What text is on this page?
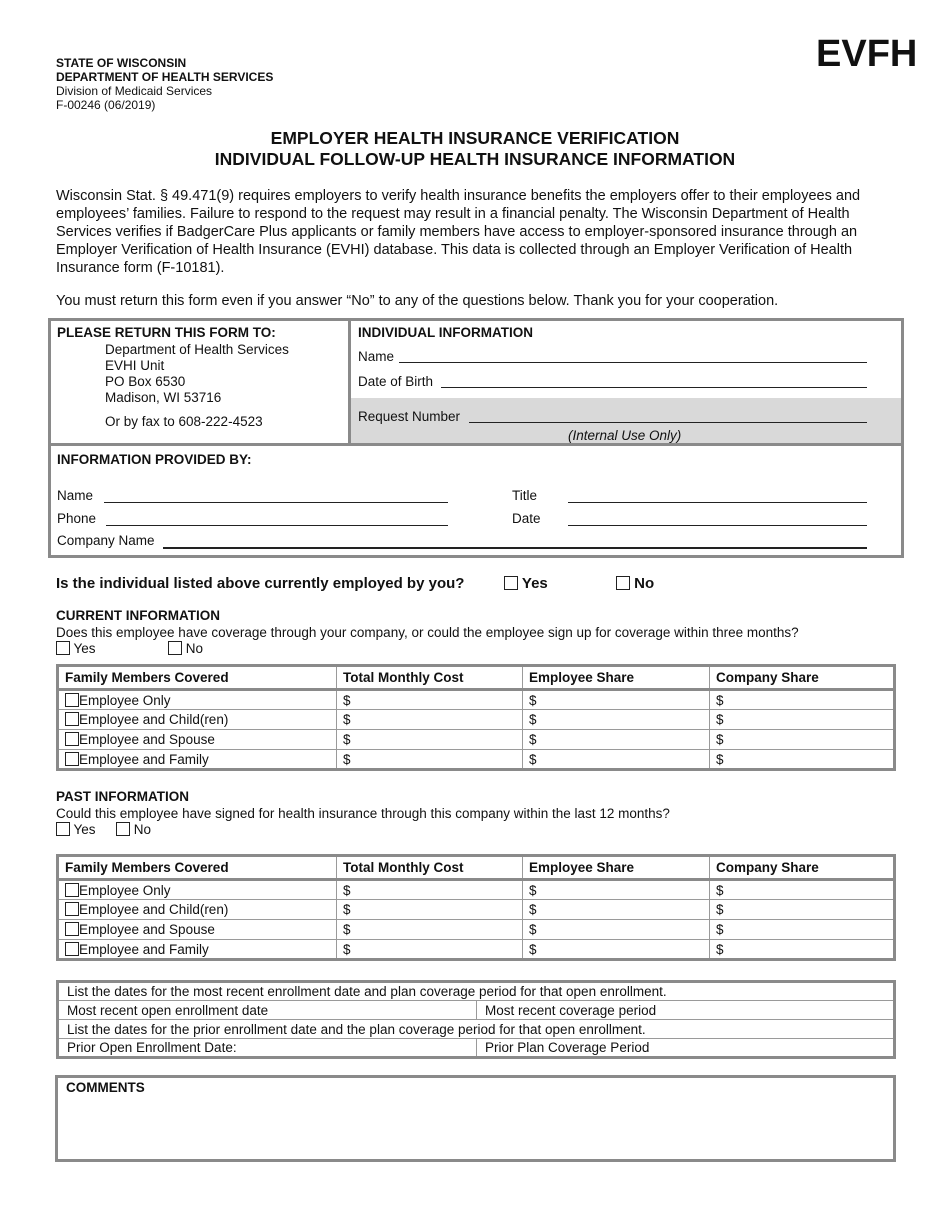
STATE OF WISCONSIN
DEPARTMENT OF HEALTH SERVICES
Division of Medicaid Services
F-00246 (06/2019)
EVFH
EMPLOYER HEALTH INSURANCE VERIFICATION
INDIVIDUAL FOLLOW-UP HEALTH INSURANCE INFORMATION
Wisconsin Stat. § 49.471(9) requires employers to verify health insurance benefits the employers offer to their employees and employees’ families. Failure to respond to the request may result in a financial penalty. The Wisconsin Department of Health Services verifies if BadgerCare Plus applicants or family members have access to employer-sponsored insurance through an Employer Verification of Health Insurance (EVHI) database. This data is collected through an Employer Verification of Health Insurance form (F-10181).
You must return this form even if you answer “No” to any of the questions below. Thank you for your cooperation.
PLEASE RETURN THIS FORM TO:
Department of Health Services
EVHI Unit
PO Box 6530
Madison, WI 53716
Or by fax to 608-222-4523
INDIVIDUAL INFORMATION
Name
Date of Birth
Request Number
(Internal Use Only)
INFORMATION PROVIDED BY:
Name
Phone
Company Name
Title
Date
Is the individual listed above currently employed by you?	Yes	No
CURRENT INFORMATION
Does this employee have coverage through your company, or could the employee sign up for coverage within three months?
Yes	No
Family Members Covered	Total Monthly Cost	Employee Share	Company Share
Employee Only	$	$	$
Employee and Child(ren)	$	$	$
Employee and Spouse	$	$	$
Employee and Family	$	$	$
PAST INFORMATION
Could this employee have signed for health insurance through this company within the last 12 months?
Yes	No
Family Members Covered	Total Monthly Cost	Employee Share	Company Share
Employee Only	$	$	$
Employee and Child(ren)	$	$	$
Employee and Spouse	$	$	$
Employee and Family	$	$	$
List the dates for the most recent enrollment date and plan coverage period for that open enrollment.	
Most recent open enrollment date	Most recent coverage period
List the dates for the prior enrollment date and the plan coverage period for that open enrollment.	
Prior Open Enrollment Date:	Prior Plan Coverage Period
COMMENTS
